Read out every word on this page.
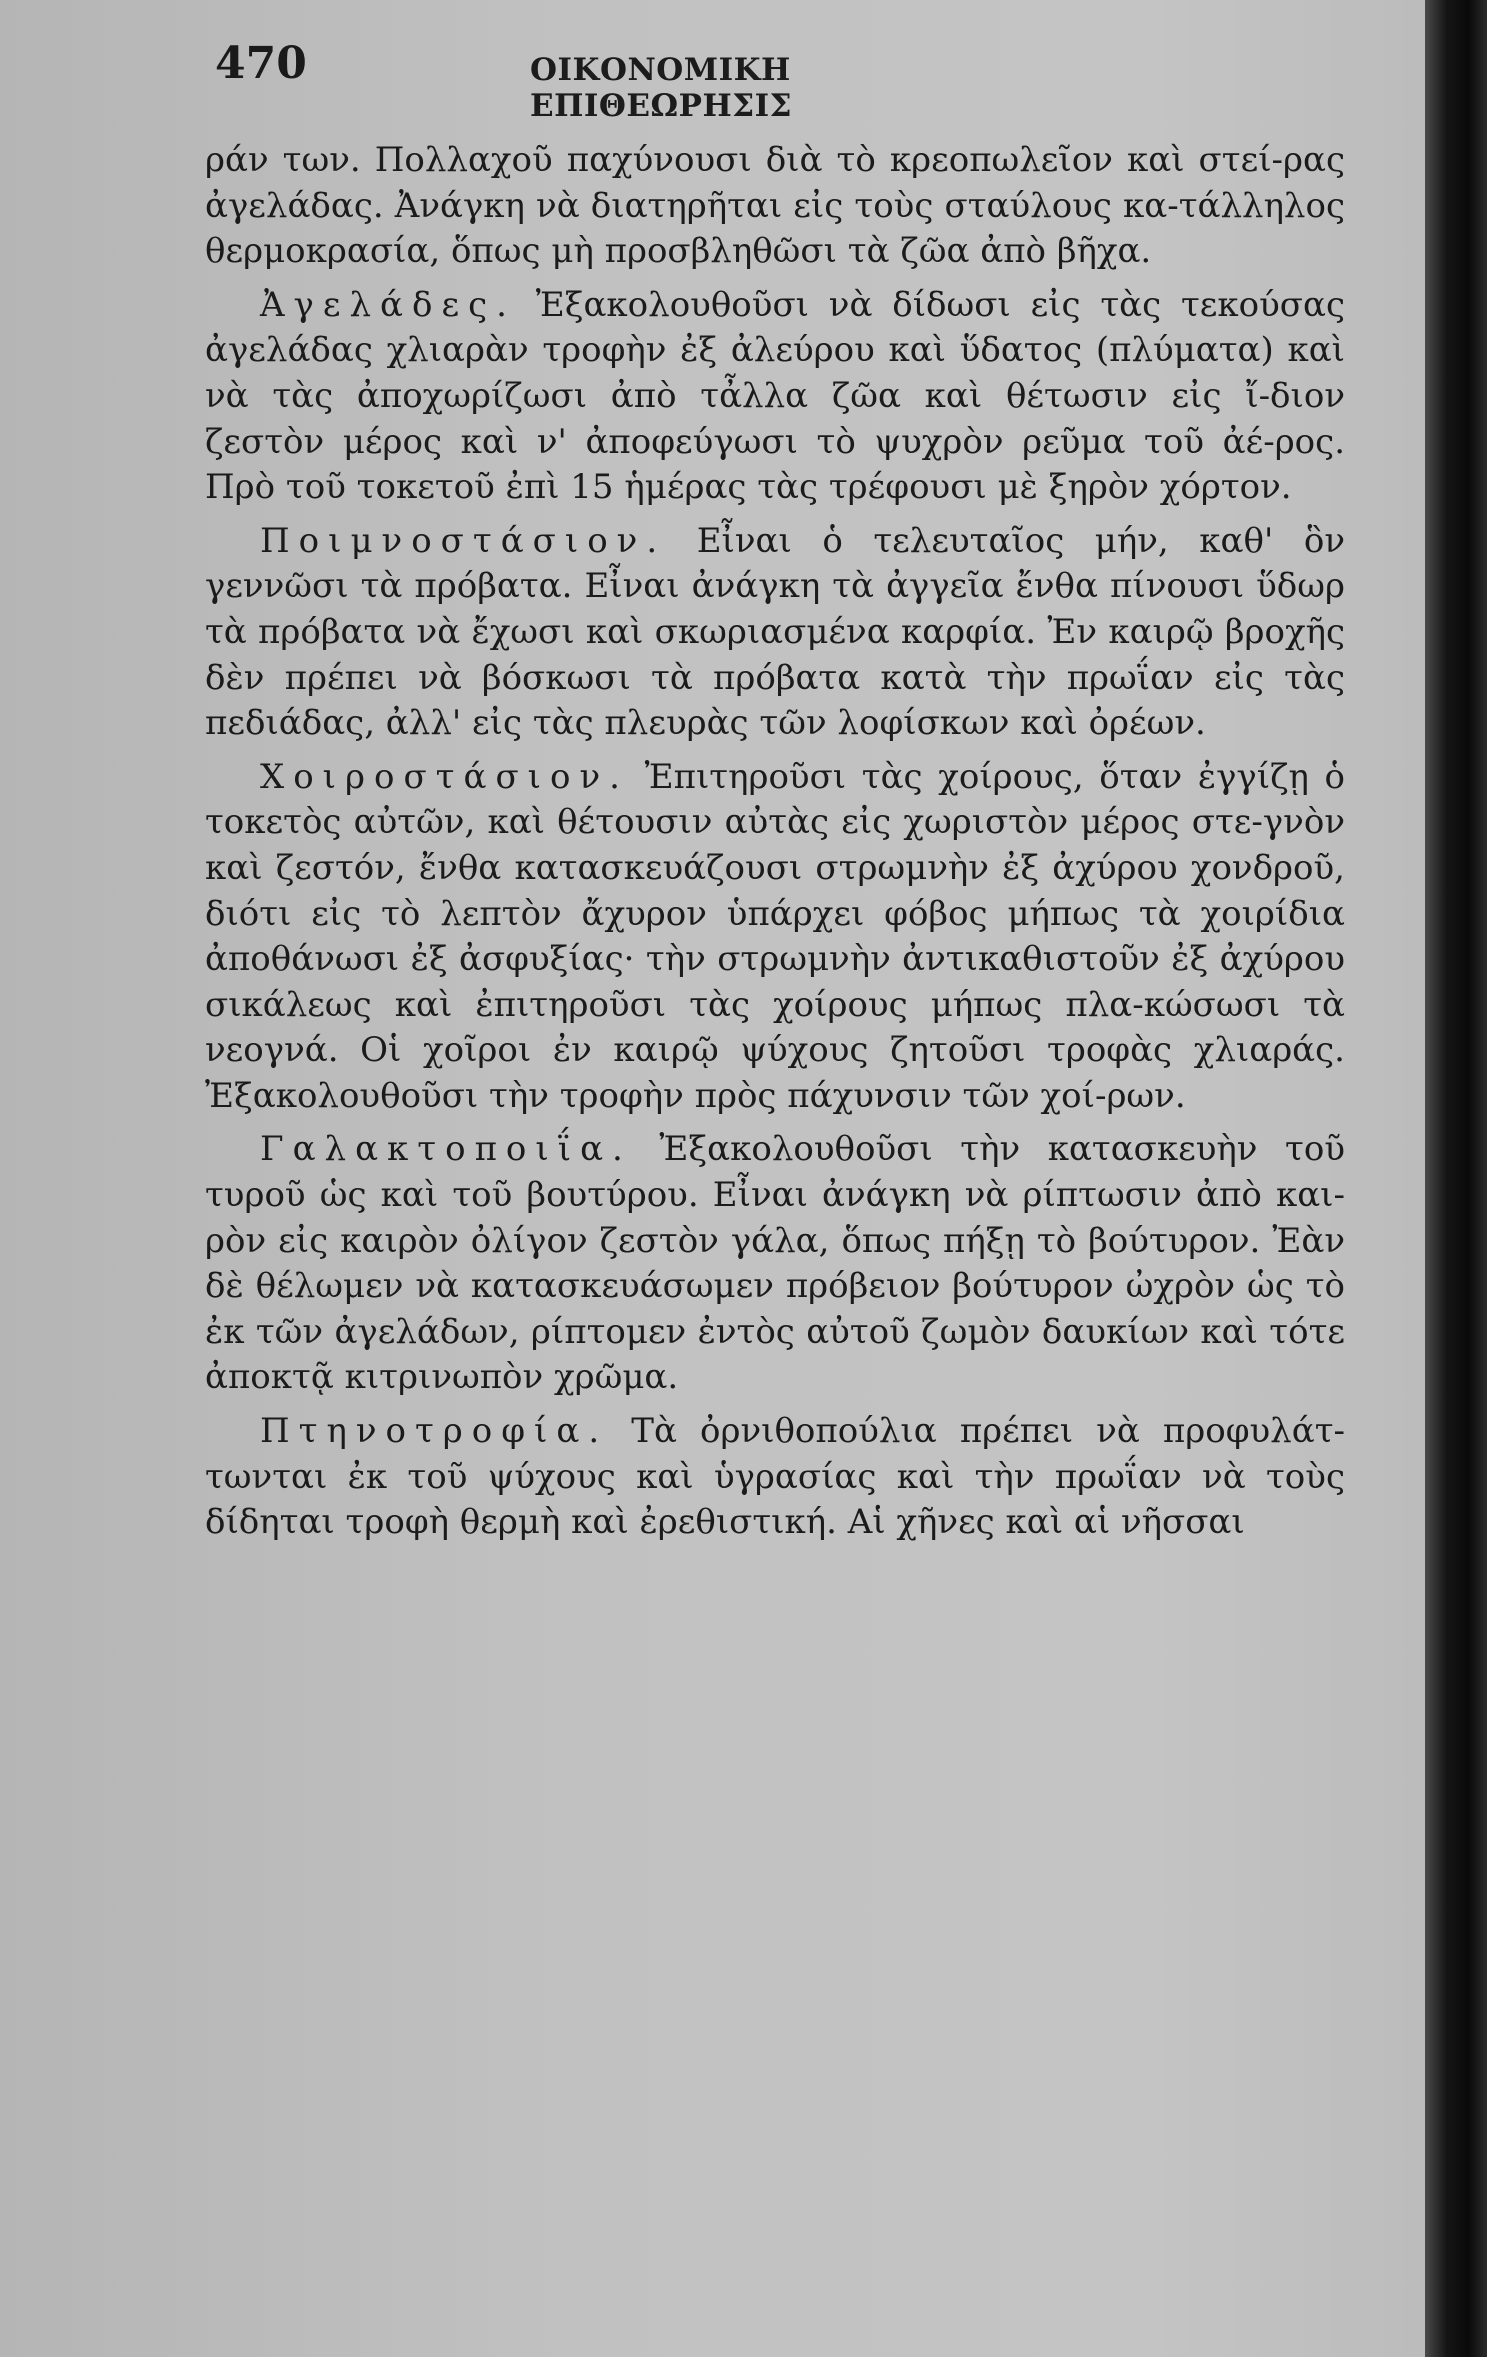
470	ΟΙΚΟΝΟΜΙΚΗ ΕΠΙΘΕΩΡΗΣΙΣ

ράν των. Πολλαχοῦ παχύνουσι διὰ τὸ κρεοπωλεῖον καὶ στεί-ρας ἀγελάδας. Ἀνάγκη νὰ διατηρῆται εἰς τοὺς σταύλους κα-τάλληλος θερμοκρασία, ὅπως μὴ προσβληθῶσι τὰ ζῶα ἀπὸ βῆχα.

Ἀγελάδες. Ἐξακολουθοῦσι νὰ δίδωσι εἰς τὰς τεκούσας ἀγελάδας χλιαρὰν τροφὴν ἐξ ἀλεύρου καὶ ὕδατος (πλύματα) καὶ νὰ τὰς ἀποχωρίζωσι ἀπὸ τἆλλα ζῶα καὶ θέτωσιν εἰς ἴ-διον ζεστὸν μέρος καὶ ν' ἀποφεύγωσι τὸ ψυχρὸν ρεῦμα τοῦ ἀέ-ρος. Πρὸ τοῦ τοκετοῦ ἐπὶ 15 ἡμέρας τὰς τρέφουσι μὲ ξηρὸν χόρτον.

Ποιμνοστάσιον. Εἶναι ὁ τελευταῖος μήν, καθ' ὃν γεννῶσι τὰ πρόβατα. Εἶναι ἀνάγκη τὰ ἀγγεῖα ἔνθα πίνουσι ὕδωρ τὰ πρόβατα νὰ ἔχωσι καὶ σκωριασμένα καρφία. Ἐν καιρῷ βροχῆς δὲν πρέπει νὰ βόσκωσι τὰ πρόβατα κατὰ τὴν πρωΐαν εἰς τὰς πεδιάδας, ἀλλ' εἰς τὰς πλευρὰς τῶν λοφίσκων καὶ ὀρέων.

Χοιροστάσιον. Ἐπιτηροῦσι τὰς χοίρους, ὅταν ἐγγίζῃ ὁ τοκετὸς αὐτῶν, καὶ θέτουσιν αὐτὰς εἰς χωριστὸν μέρος στε-γνὸν καὶ ζεστόν, ἔνθα κατασκευάζουσι στρωμνὴν ἐξ ἀχύρου χονδροῦ, διότι εἰς τὸ λεπτὸν ἄχυρον ὑπάρχει φόβος μήπως τὰ χοιρίδια ἀποθάνωσι ἐξ ἀσφυξίας· τὴν στρωμνὴν ἀντικαθιστοῦν ἐξ ἀχύρου σικάλεως καὶ ἐπιτηροῦσι τὰς χοίρους μήπως πλα-κώσωσι τὰ νεογνά. Οἱ χοῖροι ἐν καιρῷ ψύχους ζητοῦσι τροφὰς χλιαράς. Ἐξακολουθοῦσι τὴν τροφὴν πρὸς πάχυνσιν τῶν χοί-ρων.

Γαλακτοποιΐα. Ἐξακολουθοῦσι τὴν κατασκευὴν τοῦ τυροῦ ὡς καὶ τοῦ βουτύρου. Εἶναι ἀνάγκη νὰ ρίπτωσιν ἀπὸ και-ρὸν εἰς καιρὸν ὀλίγον ζεστὸν γάλα, ὅπως πήξῃ τὸ βούτυρον. Ἐὰν δὲ θέλωμεν νὰ κατασκευάσωμεν πρόβειον βούτυρον ὠχρὸν ὡς τὸ ἐκ τῶν ἀγελάδων, ρίπτομεν ἐντὸς αὐτοῦ ζωμὸν δαυκίων καὶ τότε ἀποκτᾷ κιτρινωπὸν χρῶμα.

Πτηνοτροφία. Τὰ ὀρνιθοπούλια πρέπει νὰ προφυλάτ-τωνται ἐκ τοῦ ψύχους καὶ ὑγρασίας καὶ τὴν πρωΐαν νὰ τοὺς δίδηται τροφὴ θερμὴ καὶ ἐρεθιστική. Αἱ χῆνες καὶ αἱ νῆσσαι
